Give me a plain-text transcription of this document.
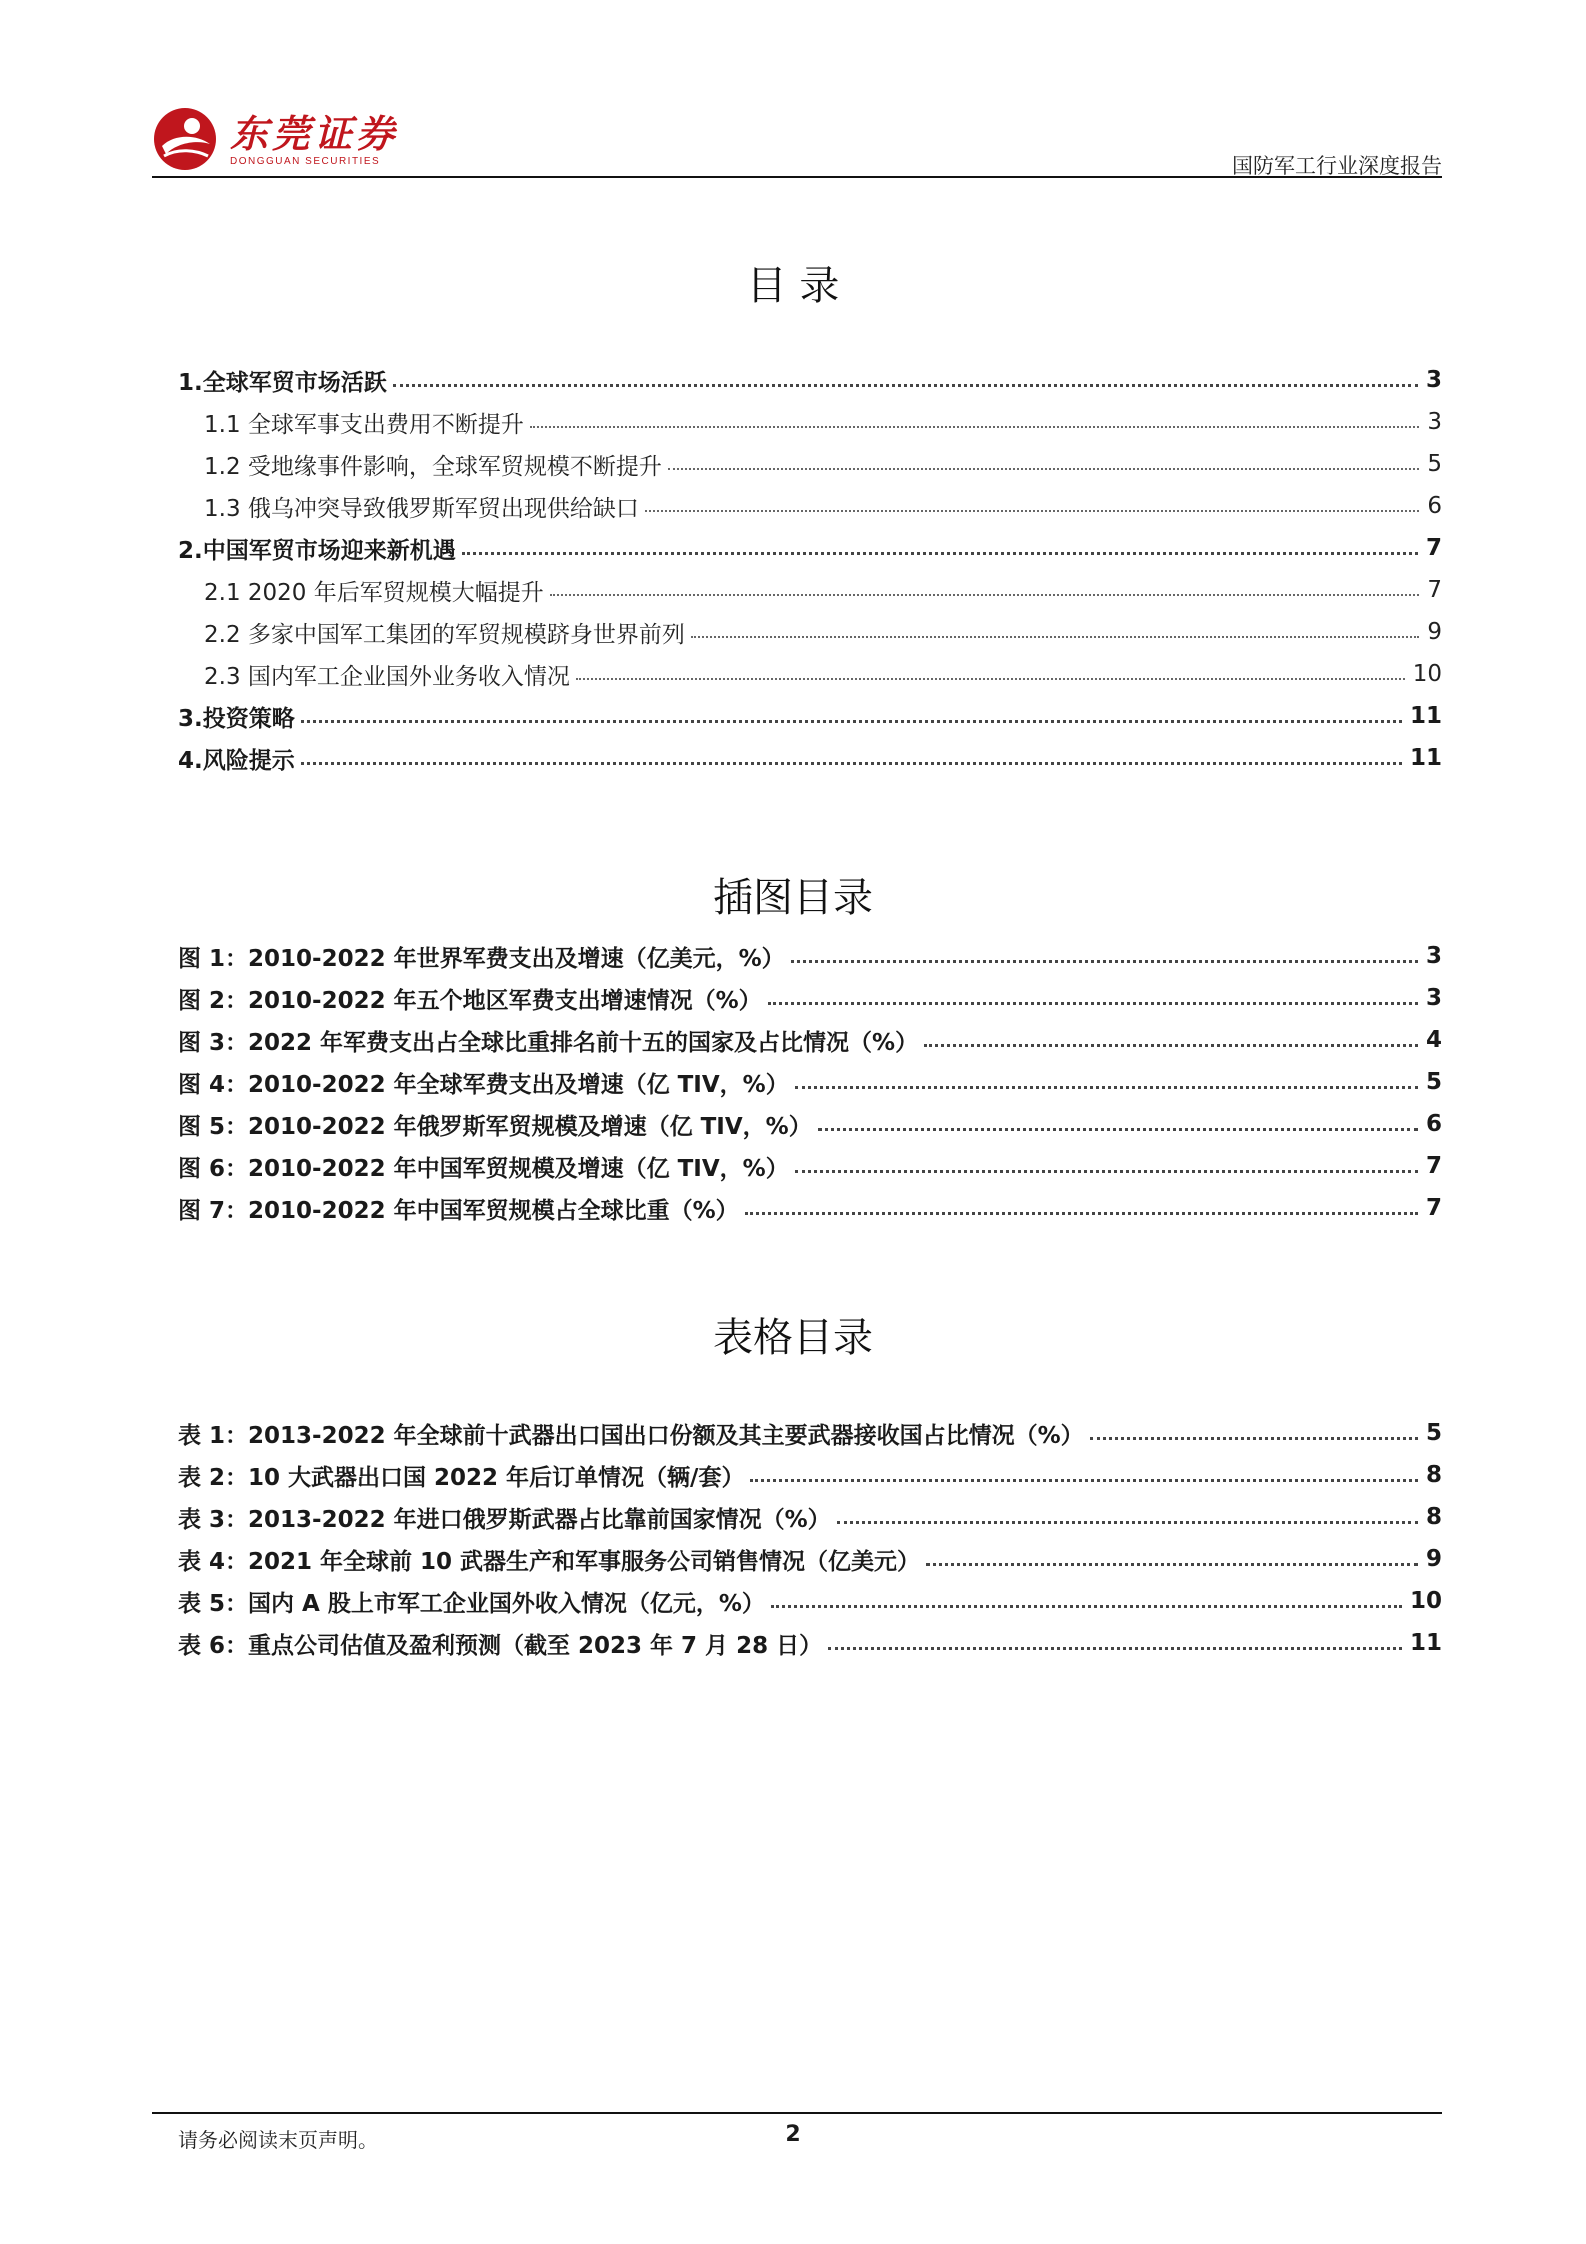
东莞证券
DONGGUAN SECURITIES	国防军工行业深度报告
目 录
1.全球军贸市场活跃	3
1.1 全球军事支出费用不断提升	3
1.2 受地缘事件影响，全球军贸规模不断提升	5
1.3 俄乌冲突导致俄罗斯军贸出现供给缺口	6
2.中国军贸市场迎来新机遇	7
2.1 2020 年后军贸规模大幅提升	7
2.2 多家中国军工集团的军贸规模跻身世界前列	9
2.3 国内军工企业国外业务收入情况	10
3.投资策略	11
4.风险提示	11
插图目录
图 1：2010-2022 年世界军费支出及增速（亿美元，%）	3
图 2：2010-2022 年五个地区军费支出增速情况（%）	3
图 3：2022 年军费支出占全球比重排名前十五的国家及占比情况（%）	4
图 4：2010-2022 年全球军费支出及增速（亿 TIV，%）	5
图 5：2010-2022 年俄罗斯军贸规模及增速（亿 TIV，%）	6
图 6：2010-2022 年中国军贸规模及增速（亿 TIV，%）	7
图 7：2010-2022 年中国军贸规模占全球比重（%）	7
表格目录
表 1：2013-2022 年全球前十武器出口国出口份额及其主要武器接收国占比情况（%）	5
表 2：10 大武器出口国 2022 年后订单情况（辆/套）	8
表 3：2013-2022 年进口俄罗斯武器占比靠前国家情况（%）	8
表 4：2021 年全球前 10 武器生产和军事服务公司销售情况（亿美元）	9
表 5：国内 A 股上市军工企业国外收入情况（亿元，%）	10
表 6：重点公司估值及盈利预测（截至 2023 年 7 月 28 日）	11
请务必阅读末页声明。	2
